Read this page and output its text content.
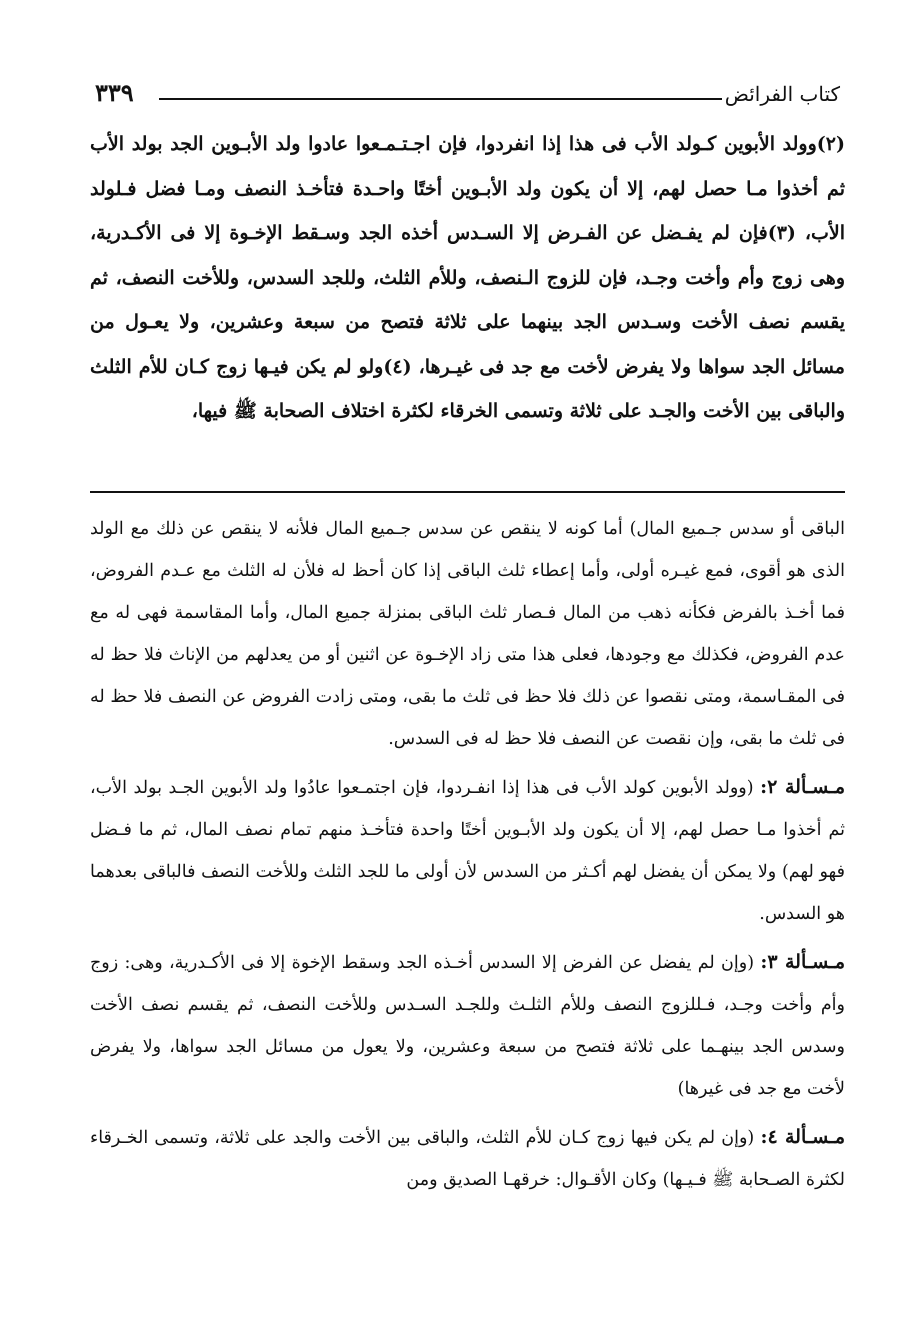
كتاب الفرائض
٣٣٩

(٢)وولد الأبوين كـولد الأب فى هذا إذا انفردوا، فإن اجـتـمـعوا عادوا ولد الأبـوين الجد بولد الأب ثم أخذوا مـا حصل لهم، إلا أن يكون ولد الأبـوين أختًا واحـدة فتأخـذ النصف ومـا فضل فـلولد الأب، (٣)فإن لم يفـضل عن الفـرض إلا السـدس أخذه الجد وسـقط الإخـوة إلا فى الأكـدرية، وهى زوج وأم وأخت وجـد، فإن للزوج الـنصف، وللأم الثلث، وللجد السدس، وللأخت النصف، ثم يقسم نصف الأخت وسـدس الجد بينهما على ثلاثة فتصح من سبعة وعشرين، ولا يعـول من مسائل الجد سواها ولا يفرض لأخت مع جد فى غيـرها، (٤)ولو لم يكن فيـها زوج كـان للأم الثلث والباقى بين الأخت والجـد على ثلاثة وتسمى الخرقاء لكثرة اختلاف الصحابة ﷺ فيها،

الباقى أو سدس جـميع المال) أما كونه لا ينقص عن سدس جـميع المال فلأنه لا ينقص عن ذلك مع الولد الذى هو أقوى، فمع غيـره أولى، وأما إعطاء ثلث الباقى إذا كان أحظ له فلأن له الثلث مع عـدم الفروض، فما أخـذ بالفرض فكأنه ذهب من المال فـصار ثلث الباقى بمنزلة جميع المال، وأما المقاسمة فهى له مع عدم الفروض، فكذلك مع وجودها، فعلى هذا متى زاد الإخـوة عن اثنين أو من يعدلهم من الإناث فلا حظ له فى المقـاسمة، ومتى نقصوا عن ذلك فلا حظ فى ثلث ما بقى، ومتى زادت الفروض عن النصف فلا حظ له فى ثلث ما بقى، وإن نقصت عن النصف فلا حظ له فى السدس.

مـسـألة ٢: (وولد الأبوين كولد الأب فى هذا إذا انفـردوا، فإن اجتمـعوا عادُوا ولد الأبوين الجـد بولد الأب، ثم أخذوا مـا حصل لهم، إلا أن يكون ولد الأبـوين أختًا واحدة فتأخـذ منهم تمام نصف المال، ثم ما فـضل فهو لهم) ولا يمكن أن يفضل لهم أكـثر من السدس لأن أولى ما للجد الثلث وللأخت النصف فالباقى بعدهما هو السدس.

مـسـألة ٣: (وإن لم يفضل عن الفرض إلا السدس أخـذه الجد وسقط الإخوة إلا فى الأكـدرية، وهى: زوج وأم وأخت وجـد، فـللزوج النصف وللأم الثلـث وللجـد السـدس وللأخت النصف، ثم يقسم نصف الأخت وسدس الجد بينهـما على ثلاثة فتصح من سبعة وعشرين، ولا يعول من مسائل الجد سواها، ولا يفرض لأخت مع جد فى غيرها)

مـسـألة ٤: (وإن لم يكن فيها زوج كـان للأم الثلث، والباقى بين الأخت والجد على ثلاثة، وتسمى الخـرقاء لكثرة الصـحابة ﷺ فـيـها) وكان الأقـوال: خرقهـا الصديق ومن
